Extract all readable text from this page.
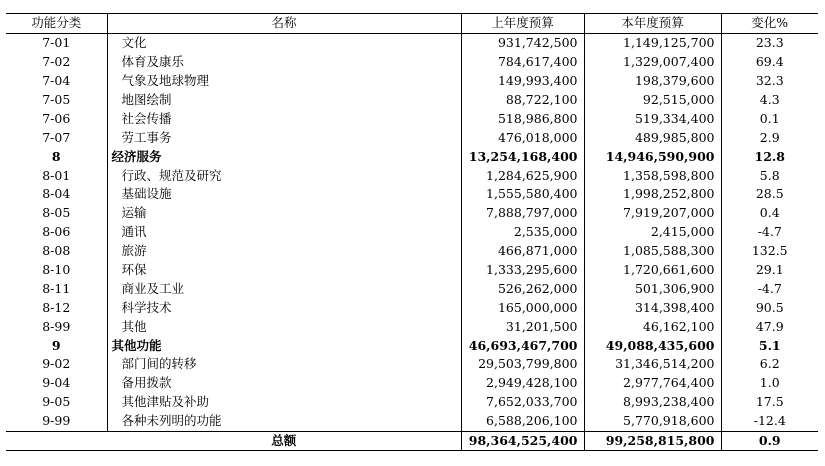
功能分类	名称	上年度预算	本年度预算	变化%
7-01	文化	931,742,500	1,149,125,700	23.3
7-02	体育及康乐	784,617,400	1,329,007,400	69.4
7-04	气象及地球物理	149,993,400	198,379,600	32.3
7-05	地图绘制	88,722,100	92,515,000	4.3
7-06	社会传播	518,986,800	519,334,400	0.1
7-07	劳工事务	476,018,000	489,985,800	2.9
8	经济服务	13,254,168,400	14,946,590,900	12.8
8-01	行政、规范及研究	1,284,625,900	1,358,598,800	5.8
8-04	基础设施	1,555,580,400	1,998,252,800	28.5
8-05	运输	7,888,797,000	7,919,207,000	0.4
8-06	通讯	2,535,000	2,415,000	-4.7
8-08	旅游	466,871,000	1,085,588,300	132.5
8-10	环保	1,333,295,600	1,720,661,600	29.1
8-11	商业及工业	526,262,000	501,306,900	-4.7
8-12	科学技术	165,000,000	314,398,400	90.5
8-99	其他	31,201,500	46,162,100	47.9
9	其他功能	46,693,467,700	49,088,435,600	5.1
9-02	部门间的转移	29,503,799,800	31,346,514,200	6.2
9-04	备用拨款	2,949,428,100	2,977,764,400	1.0
9-05	其他津贴及补助	7,652,033,700	8,993,238,400	17.5
9-99	各种未列明的功能	6,588,206,100	5,770,918,600	-12.4
	总额	98,364,525,400	99,258,815,800	0.9
